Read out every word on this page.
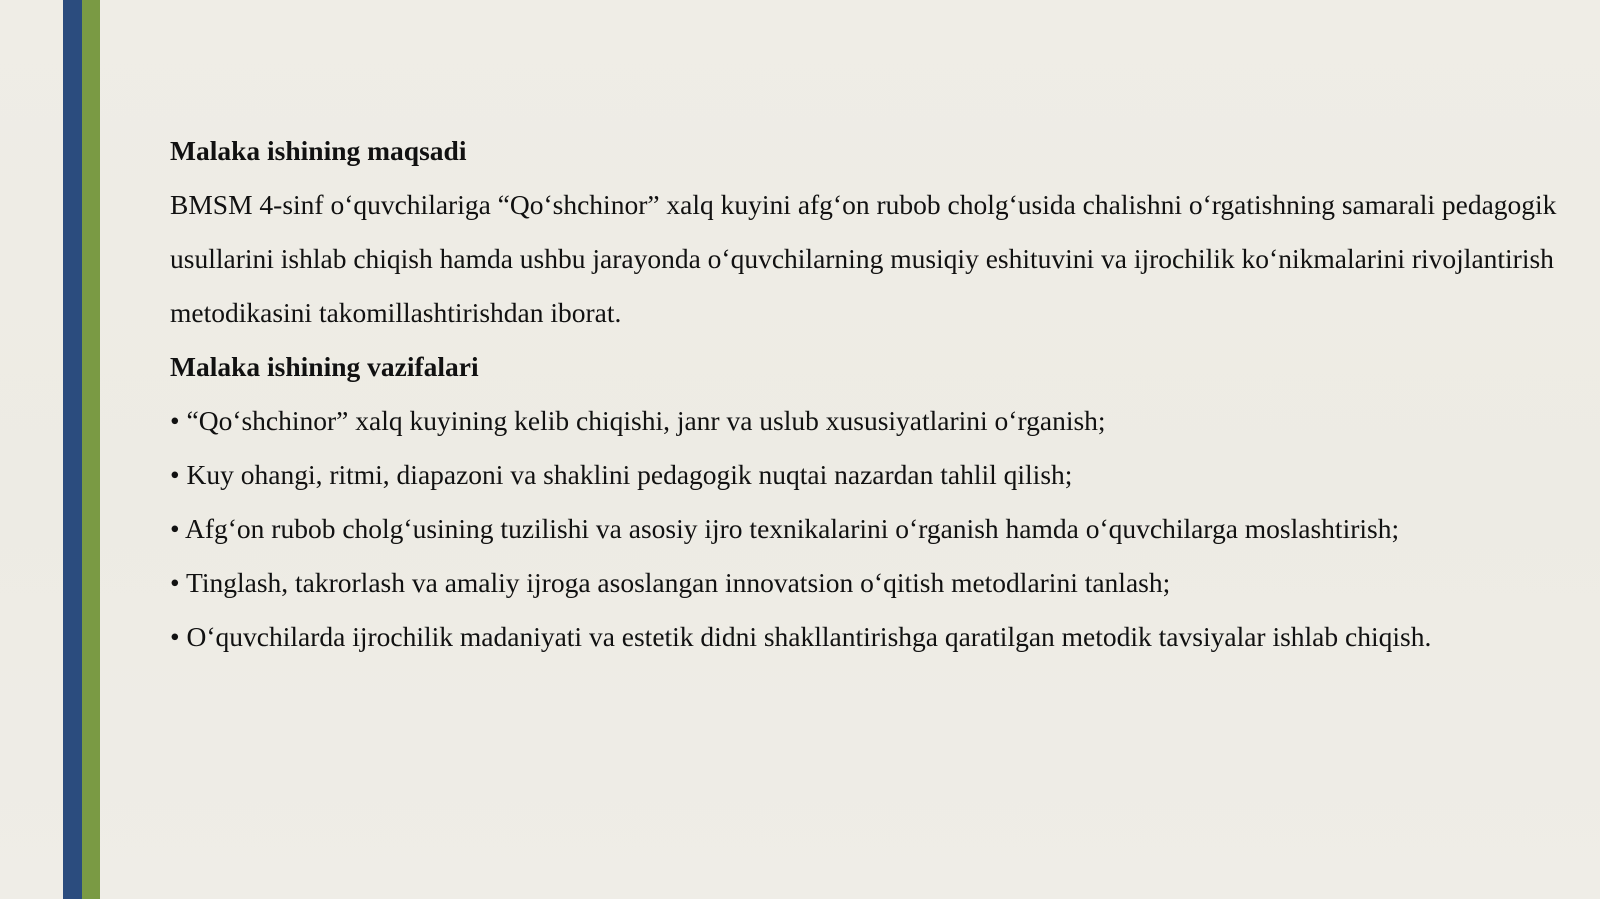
Malaka ishining maqsadi

BMSM 4-sinf o‘quvchilariga “Qo‘shchinor” xalq kuyini afg‘on rubob cholg‘usida chalishni o‘rgatishning samarali pedagogik usullarini ishlab chiqish hamda ushbu jarayonda o‘quvchilarning musiqiy eshituvini va ijrochilik ko‘nikmalarini rivojlantirish metodikasini takomillashtirishdan iborat.

Malaka ishining vazifalari

• “Qo‘shchinor” xalq kuyining kelib chiqishi, janr va uslub xususiyatlarini o‘rganish;

• Kuy ohangi, ritmi, diapazoni va shaklini pedagogik nuqtai nazardan tahlil qilish;

• Afg‘on rubob cholg‘usining tuzilishi va asosiy ijro texnikalarini o‘rganish hamda o‘quvchilarga moslashtirish;

• Tinglash, takrorlash va amaliy ijroga asoslangan innovatsion o‘qitish metodlarini tanlash;

• O‘quvchilarda ijrochilik madaniyati va estetik didni shakllantirishga qaratilgan metodik tavsiyalar ishlab chiqish.
